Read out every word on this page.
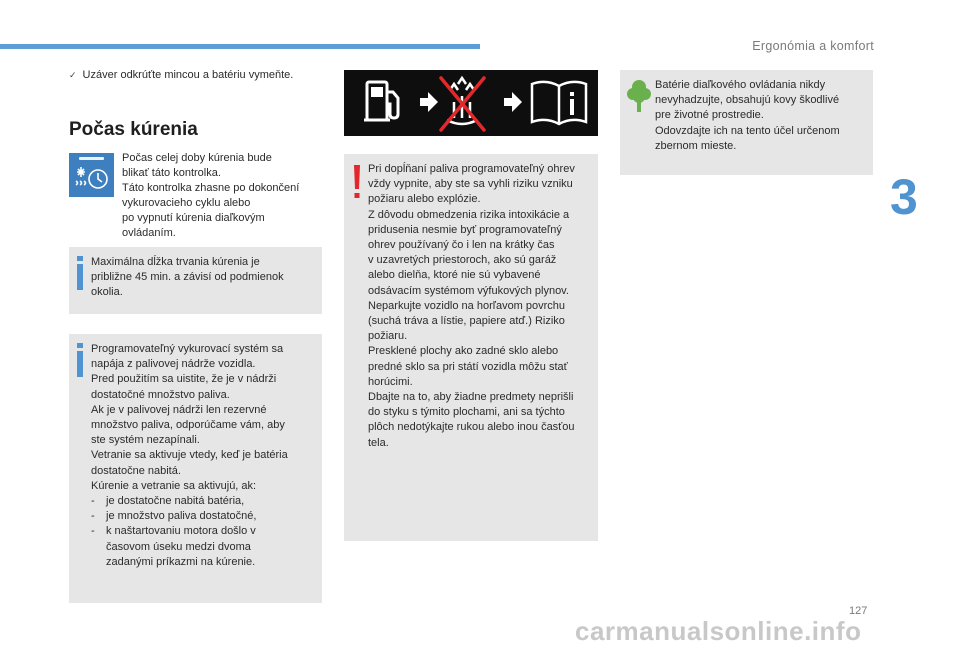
Ergonómia a komfort
3
✓ Uzáver odkrúťte mincou a batériu vymeňte.
Počas kúrenia

Počas celej doby kúrenia bude

blikať táto kontrolka.

Táto kontrolka zhasne po dokončení

vykurovacieho cyklu alebo

po vypnutí kúrenia diaľkovým

ovládaním.

Maximálna dĺžka trvania kúrenia je

približne 45 min. a závisí od podmienok

okolia.

Programovateľný vykurovací systém sa

napája z palivovej nádrže vozidla.

Pred použitím sa uistite, že je v nádrži

dostatočné množstvo paliva.

Ak je v palivovej nádrži len rezervné

množstvo paliva, odporúčame vám, aby

ste systém nezapínali.

Vetranie sa aktivuje vtedy, keď je batéria

dostatočne nabitá.

Kúrenie a vetranie sa aktivujú, ak:

-	je dostatočne nabitá batéria,

-	je množstvo paliva dostatočné,

-	k naštartovaniu motora došlo v

časovom úseku medzi dvoma

zadanými príkazmi na kúrenie.

Pri dopĺňaní paliva programovateľný ohrev

vždy vypnite, aby ste sa vyhli riziku vzniku

požiaru alebo explózie.

Z dôvodu obmedzenia rizika intoxikácie a

pridusenia nesmie byť programovateľný

ohrev používaný čo i len na krátky čas

v uzavretých priestoroch, ako sú garáž

alebo dielňa, ktoré nie sú vybavené

odsávacím systémom výfukových plynov.

Neparkujte vozidlo na horľavom povrchu

(suchá tráva a lístie, papiere atď.) Riziko

požiaru.

Presklené plochy ako zadné sklo alebo

predné sklo sa pri státí vozidla môžu stať

horúcimi.

Dbajte na to, aby žiadne predmety neprišli

do styku s týmito plochami, ani sa týchto

plôch nedotýkajte rukou alebo inou časťou

tela.

Batérie diaľkového ovládania nikdy

nevyhadzujte, obsahujú kovy škodlivé

pre životné prostredie.

Odovzdajte ich na tento účel určenom

zbernom mieste.

127
carmanualsonline.info
